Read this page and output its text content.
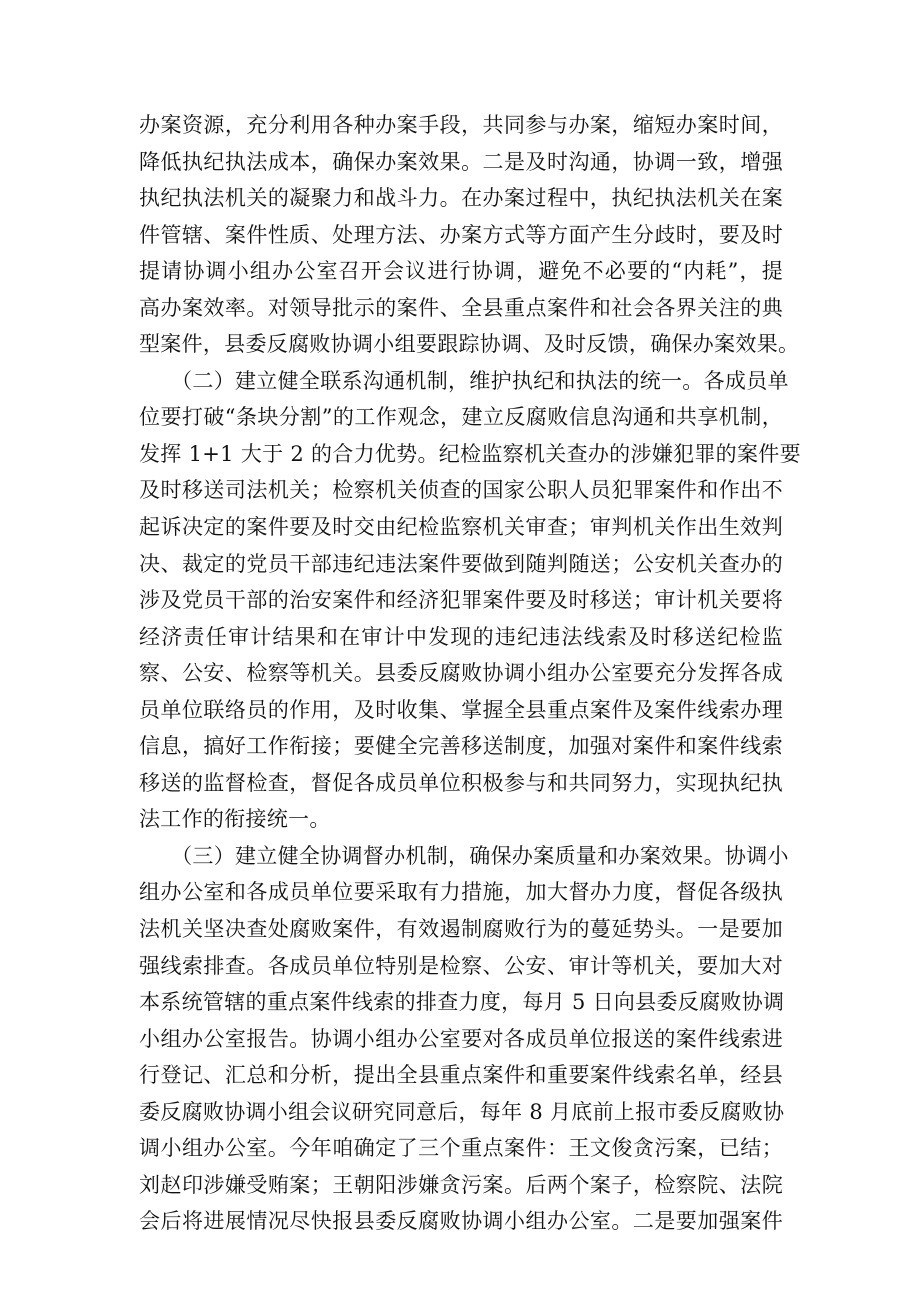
办案资源，充分利用各种办案手段，共同参与办案，缩短办案时间，
降低执纪执法成本，确保办案效果。二是及时沟通，协调一致，增强
执纪执法机关的凝聚力和战斗力。在办案过程中，执纪执法机关在案
件管辖、案件性质、处理方法、办案方式等方面产生分歧时，要及时
提请协调小组办公室召开会议进行协调，避免不必要的“内耗”，提
高办案效率。对领导批示的案件、全县重点案件和社会各界关注的典
型案件，县委反腐败协调小组要跟踪协调、及时反馈，确保办案效果。
　　（二）建立健全联系沟通机制，维护执纪和执法的统一。各成员单
位要打破“条块分割”的工作观念，建立反腐败信息沟通和共享机制，
发挥 1+1 大于 2 的合力优势。纪检监察机关查办的涉嫌犯罪的案件要
及时移送司法机关；检察机关侦查的国家公职人员犯罪案件和作出不
起诉决定的案件要及时交由纪检监察机关审查；审判机关作出生效判
决、裁定的党员干部违纪违法案件要做到随判随送；公安机关查办的
涉及党员干部的治安案件和经济犯罪案件要及时移送；审计机关要将
经济责任审计结果和在审计中发现的违纪违法线索及时移送纪检监
察、公安、检察等机关。县委反腐败协调小组办公室要充分发挥各成
员单位联络员的作用，及时收集、掌握全县重点案件及案件线索办理
信息，搞好工作衔接；要健全完善移送制度，加强对案件和案件线索
移送的监督检查，督促各成员单位积极参与和共同努力，实现执纪执
法工作的衔接统一。
　　（三）建立健全协调督办机制，确保办案质量和办案效果。协调小
组办公室和各成员单位要采取有力措施，加大督办力度，督促各级执
法机关坚决查处腐败案件，有效遏制腐败行为的蔓延势头。一是要加
强线索排查。各成员单位特别是检察、公安、审计等机关，要加大对
本系统管辖的重点案件线索的排查力度，每月 5 日向县委反腐败协调
小组办公室报告。协调小组办公室要对各成员单位报送的案件线索进
行登记、汇总和分析，提出全县重点案件和重要案件线索名单，经县
委反腐败协调小组会议研究同意后，每年 8 月底前上报市委反腐败协
调小组办公室。今年咱确定了三个重点案件：王文俊贪污案，已结；
刘赵印涉嫌受贿案；王朝阳涉嫌贪污案。后两个案子，检察院、法院
会后将进展情况尽快报县委反腐败协调小组办公室。二是要加强案件
